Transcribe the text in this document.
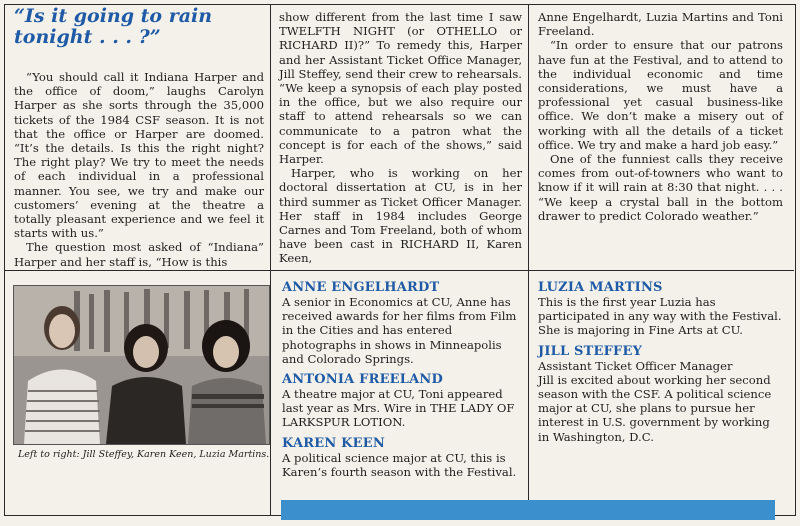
“Is it going to rain tonight . . . ?”

“You should call it Indiana Harper and the office of doom,” laughs Carolyn Harper as she sorts through the 35,000 tickets of the 1984 CSF season. It is not that the office or Harper are doomed. “It’s the details. Is this the right night? The right play? We try to meet the needs of each individual in a professional manner. You see, we try and make our customers’ evening at the theatre a totally pleasant experience and we feel it starts with us.”

The question most asked of “Indiana” Harper and her staff is, “How is this

show different from the last time I saw TWELFTH NIGHT (or OTHELLO or RICHARD II)?” To remedy this, Harper and her Assistant Ticket Office Manager, Jill Steffey, send their crew to rehearsals. “We keep a synopsis of each play posted in the office, but we also require our staff to attend rehearsals so we can communicate to a patron what the concept is for each of the shows,” said Harper.

Harper, who is working on her doctoral dissertation at CU, is in her third summer as Ticket Officer Manager. Her staff in 1984 includes George Carnes and Tom Freeland, both of whom have been cast in RICHARD II, Karen Keen,

Anne Engelhardt, Luzia Martins and Toni Freeland.

“In order to ensure that our patrons have fun at the Festival, and to attend to the individual economic and time considerations, we must have a professional yet casual business-like office. We don’t make a misery out of working with all the details of a ticket office. We try and make a hard job easy.”

One of the funniest calls they receive comes from out-of-towners who want to know if it will rain at 8:30 that night. . . . “We keep a crystal ball in the bottom drawer to predict Colorado weather.”

Left to right: Jill Steffey, Karen Keen, Luzia Martins.

ANNE ENGELHARDT

A senior in Economics at CU, Anne has received awards for her films from Film in the Cities and has entered photographs in shows in Minneapolis and Colorado Springs.

ANTONIA FREELAND

A theatre major at CU, Toni appeared last year as Mrs. Wire in THE LADY OF LARKSPUR LOTION.

KAREN KEEN

A political science major at CU, this is Karen’s fourth season with the Festival.

LUZIA MARTINS

This is the first year Luzia has participated in any way with the Festival. She is majoring in Fine Arts at CU.

JILL STEFFEY

Assistant Ticket Officer Manager
Jill is excited about working her second season with the CSF. A political science major at CU, she plans to pursue her interest in U.S. government by working in Washington, D.C.
